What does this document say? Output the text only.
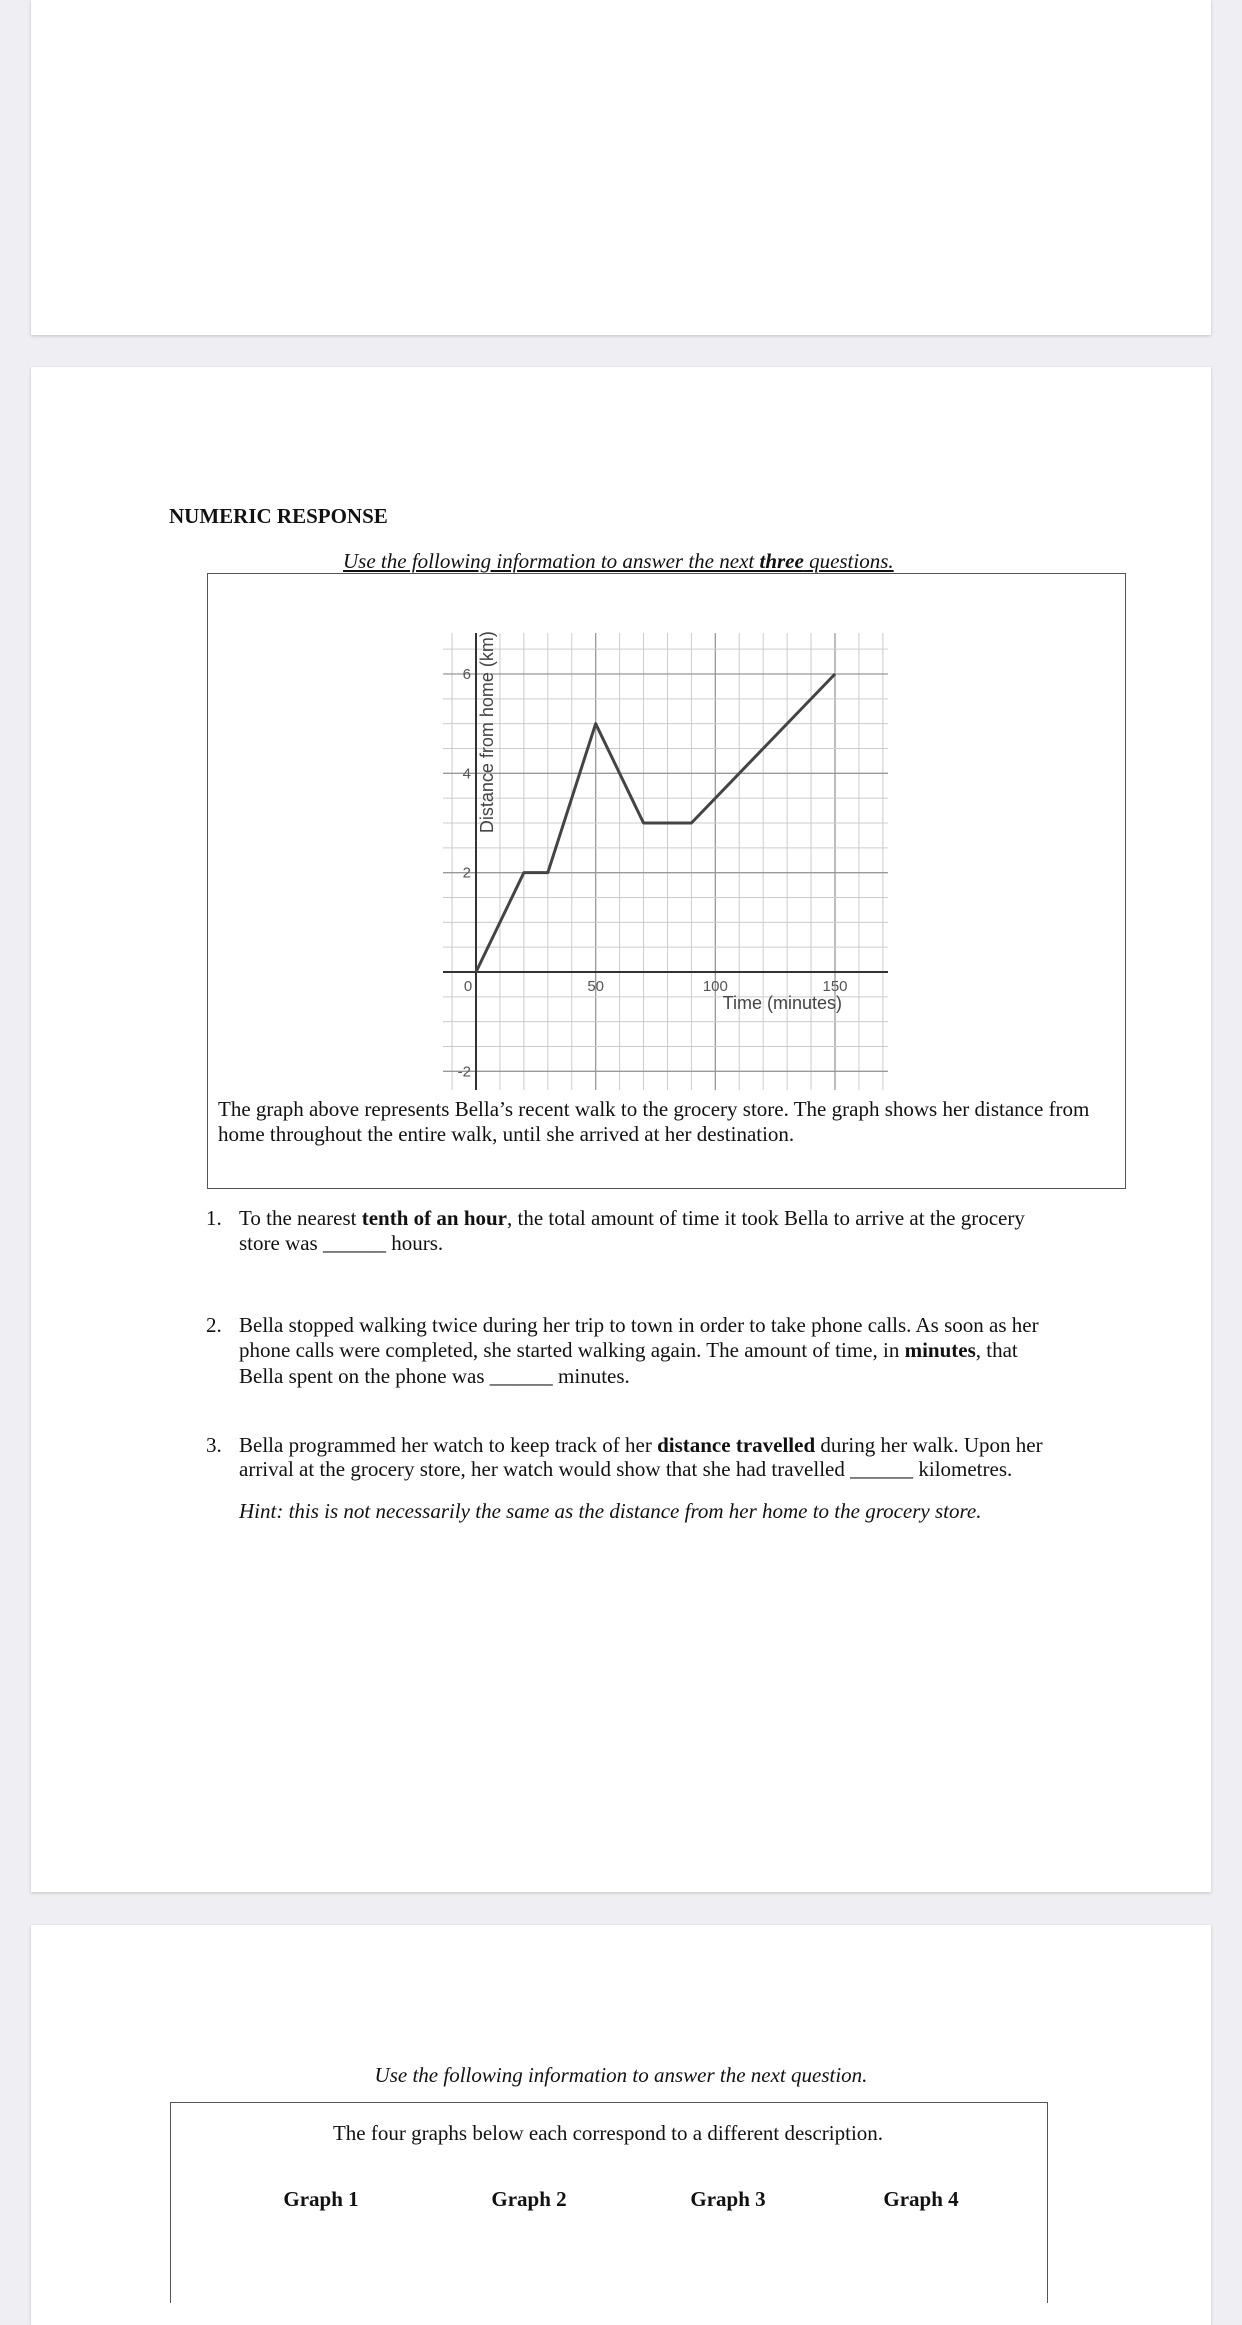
NUMERIC RESPONSE
Use the following information to answer the next three questions.
0	50	100	150
-2
2
4
6
Time (minutes)
Distance from home (km)
The graph above represents Bella’s recent walk to the grocery store. The graph shows her distance from
home throughout the entire walk, until she arrived at her destination.
1. To the nearest tenth of an hour, the total amount of time it took Bella to arrive at the grocery
store was ______ hours.
2. Bella stopped walking twice during her trip to town in order to take phone calls. As soon as her
phone calls were completed, she started walking again. The amount of time, in minutes, that
Bella spent on the phone was ______ minutes.
3. Bella programmed her watch to keep track of her distance travelled during her walk. Upon her
arrival at the grocery store, her watch would show that she had travelled ______ kilometres.
Hint: this is not necessarily the same as the distance from her home to the grocery store.
Use the following information to answer the next question.
The four graphs below each correspond to a different description.
Graph 1	Graph 2	Graph 3	Graph 4
